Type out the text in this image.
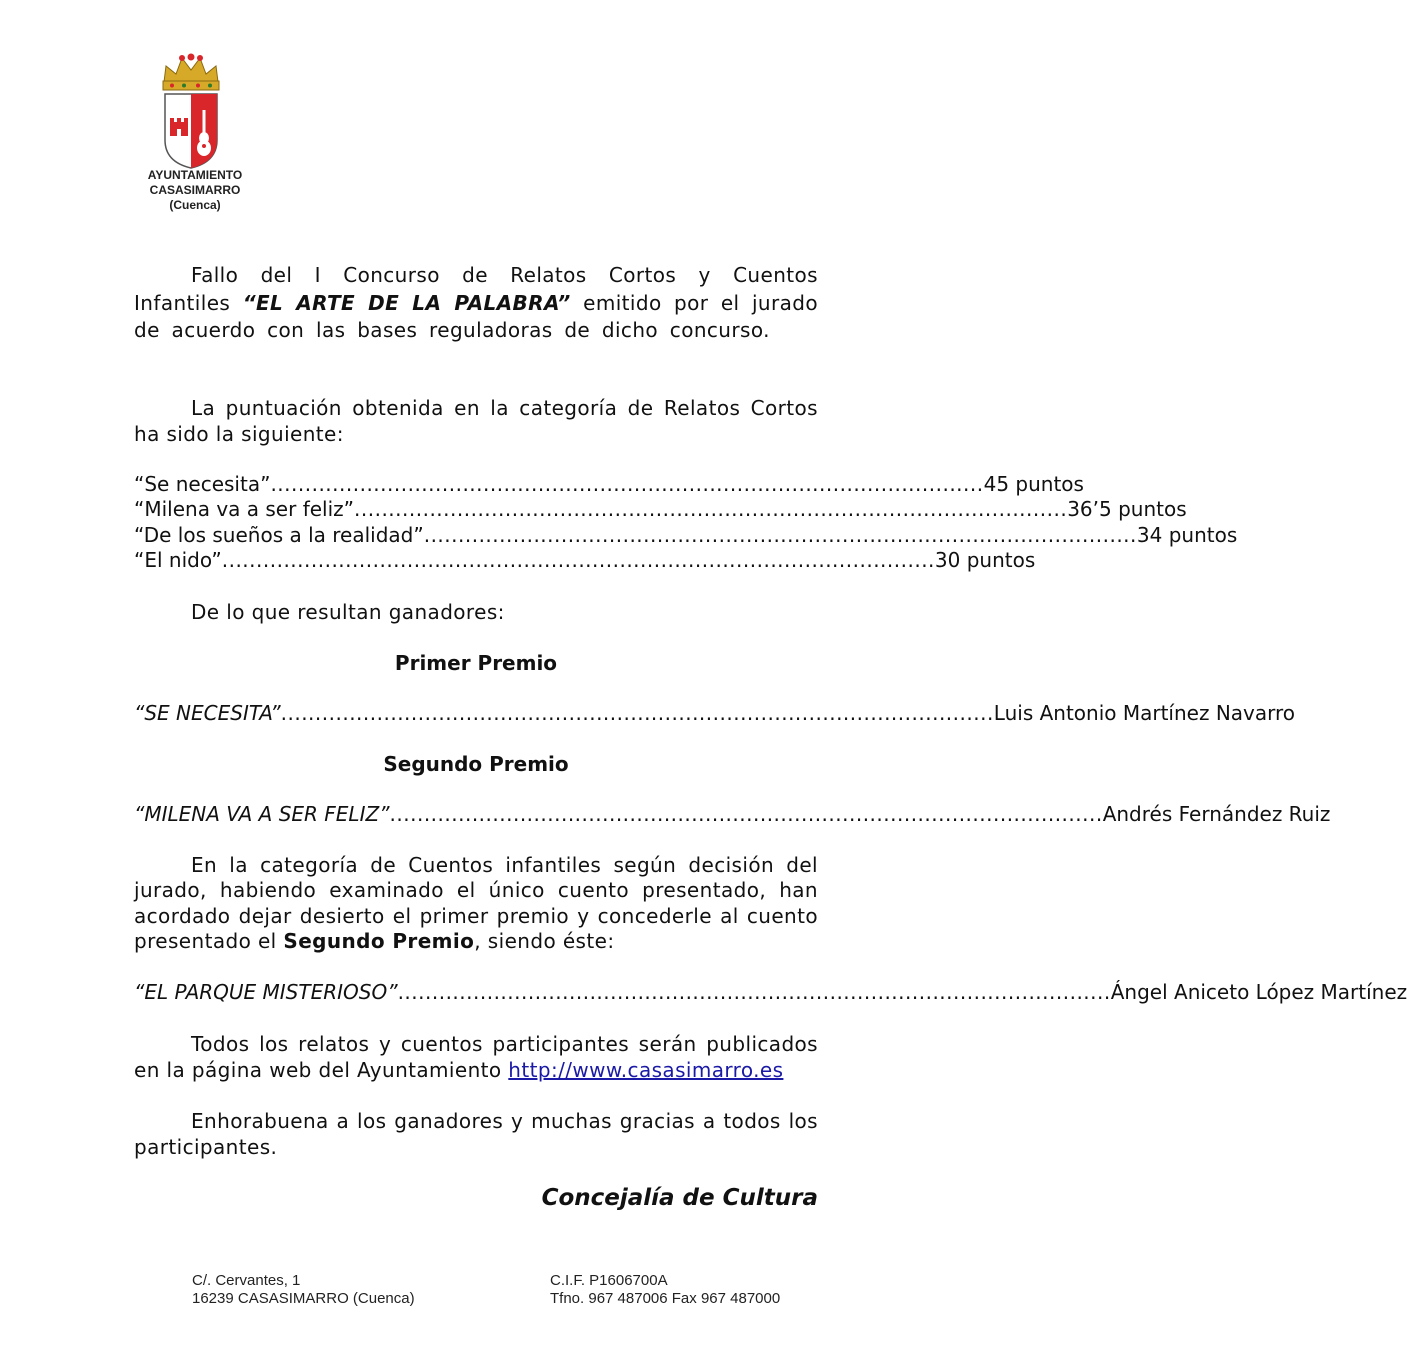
AYUNTAMIENTO
CASASIMARRO
(Cuenca)
Fallo del I Concurso de Relatos Cortos y Cuentos Infantiles “EL ARTE DE LA PALABRA” emitido por el jurado de acuerdo con las bases reguladoras de dicho concurso.
La puntuación obtenida en la categoría de Relatos Cortos ha sido la siguiente:
“Se necesita” ........................................................................................................ 45 puntos
“Milena va a ser feliz” ........................................................................................................ 36’5 puntos
“De los sueños a la realidad” ........................................................................................................ 34 puntos
“El nido” ........................................................................................................ 30 puntos
De lo que resultan ganadores:
Primer Premio
“SE NECESITA” ........................................................................................................ Luis Antonio Martínez Navarro
Segundo Premio
“MILENA VA A SER FELIZ” ........................................................................................................ Andrés Fernández Ruiz
En la categoría de Cuentos infantiles según decisión del jurado, habiendo examinado el único cuento presentado, han acordado dejar desierto el primer premio y concederle al cuento presentado el Segundo Premio, siendo éste:
“EL PARQUE MISTERIOSO” ........................................................................................................ Ángel Aniceto López Martínez
Todos los relatos y cuentos participantes serán publicados en la página web del Ayuntamiento http://www.casasimarro.es
Enhorabuena a los ganadores y muchas gracias a todos los participantes.
Concejalía de Cultura
C/. Cervantes, 1
16239 CASASIMARRO (Cuenca)
C.I.F. P1606700A
Tfno. 967 487006 Fax 967 487000
